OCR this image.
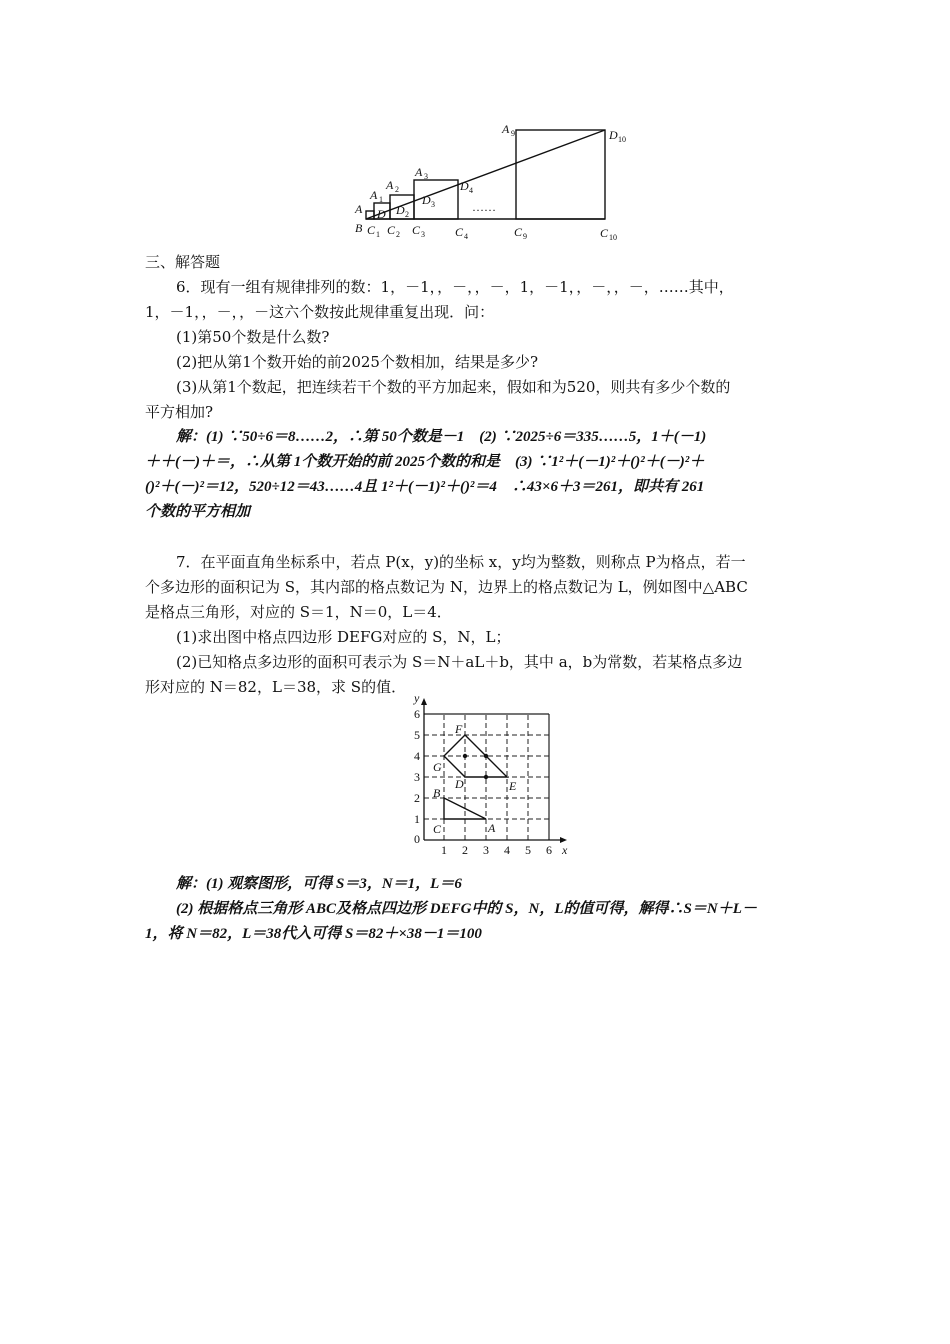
A
B
A 1
A 2
A 3
A 9
D D 2
D 3
D 4
D 10
C 1 C 2 C 3	C 4	C 9	C 10
……
三、解答题
6．现有一组有规律排列的数：1，－1，，－，，－，1，－1，，－，，－，……其中，
1，－1，，－，，－这六个数按此规律重复出现．问：
(1)第50个数是什么数?
(2)把从第1个数开始的前2025个数相加，结果是多少?
(3)从第1个数起，把连续若干个数的平方加起来，假如和为520，则共有多少个数的
平方相加?
解：(1) ∵50÷6＝8……2，∴第 50个数是－1　(2) ∵2025÷6＝335……5，1＋(－1)
＋＋(－)＋＝，∴从第 1个数开始的前 2025个数的和是　(3) ∵1²＋(－1)²＋()²＋(－)²＋
()²＋(－)²＝12，520÷12＝43……4且 1²＋(－1)²＋()²＝4　∴43×6＋3＝261，即共有 261
个数的平方相加
7．在平面直角坐标系中，若点 P(x，y)的坐标 x，y均为整数，则称点 P为格点，若一
个多边形的面积记为 S，其内部的格点数记为 N，边界上的格点数记为 L，例如图中△ABC
是格点三角形，对应的 S＝1，N＝0，L＝4．
(1)求出图中格点四边形 DEFG对应的 S，N，L；
(2)已知格点多边形的面积可表示为 S＝N＋aL＋b，其中 a，b为常数，若某格点多边
形对应的 N＝82，L＝38，求 S的值．
y
x
0
1 2 3 4 5 6
1
2
3
4
5
6
F
G
D	E
B
C	A
解：(1) 观察图形，可得 S＝3，N＝1，L＝6
(2) 根据格点三角形 ABC及格点四边形 DEFG中的 S，N，L的值可得，解得∴S＝N＋L－
1，将 N＝82，L＝38代入可得 S＝82＋×38－1＝100
